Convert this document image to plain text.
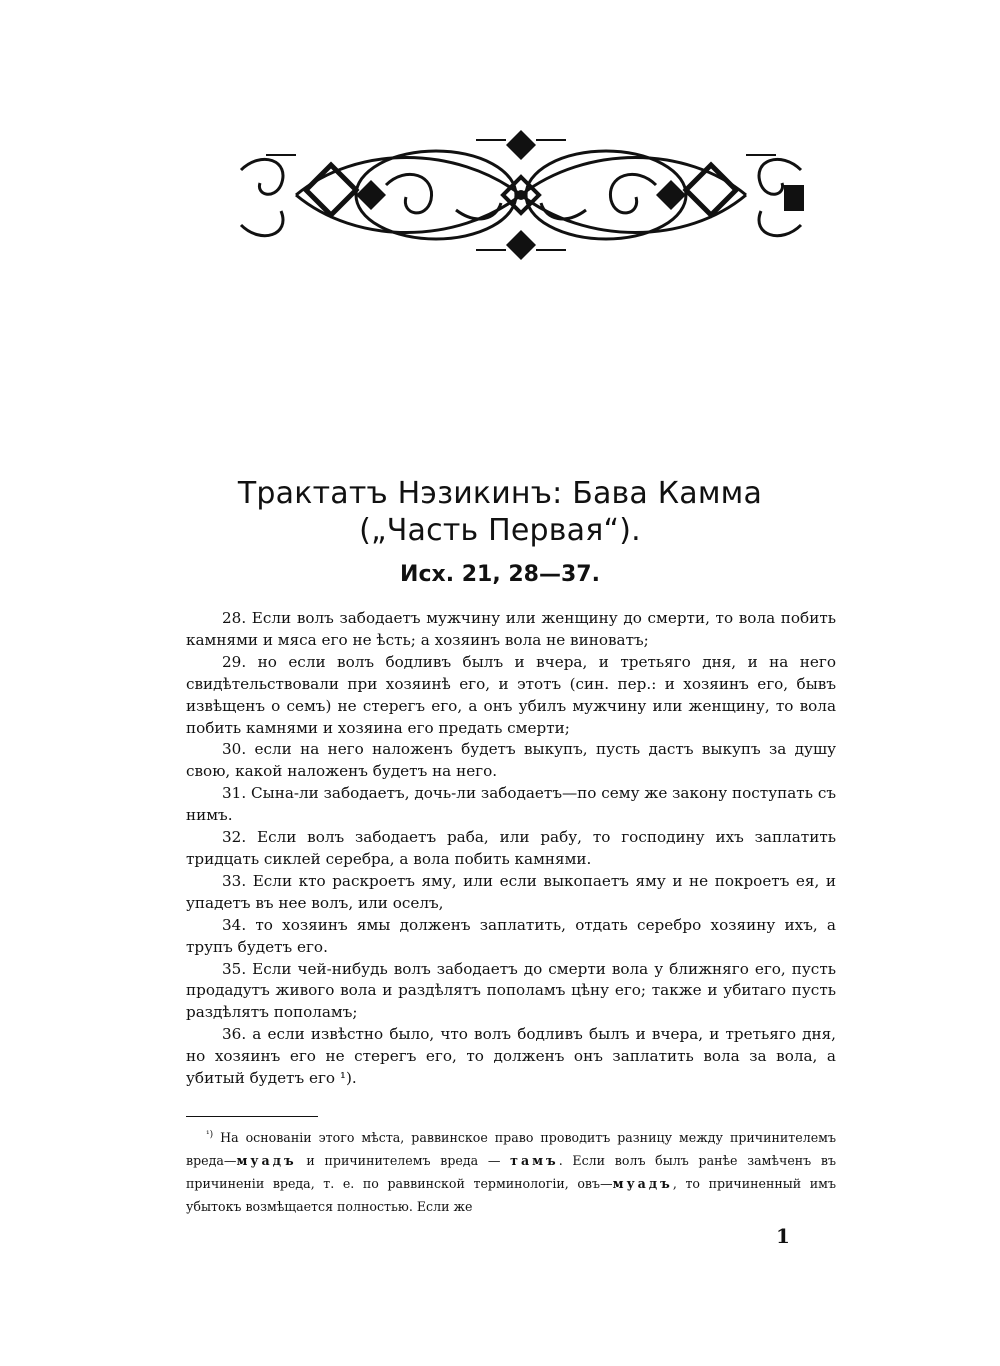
Трактатъ Нэзикинъ: Бава Камма
(„Часть Первая“).
Исх. 21, 28—37.

28. Если волъ забодаетъ мужчину или женщину до смерти, то вола побить камнями и мяса его не ѣсть; а хозяинъ вола не виноватъ;

29. но если волъ бодливъ былъ и вчера, и третьяго дня, и на него свидѣтельствовали при хозяинѣ его, и этотъ (син. пер.: и хозяинъ его, бывъ извѣщенъ о семъ) не стерегъ его, а онъ убилъ мужчину или женщину, то вола побить камнями и хозяина его предать смерти;

30. если на него наложенъ будетъ выкупъ, пусть дастъ выкупъ за душу свою, какой наложенъ будетъ на него.

31. Сына-ли забодаетъ, дочь-ли забодаетъ—по сему же закону поступать съ нимъ.

32. Если волъ забодаетъ раба, или рабу, то господину ихъ заплатить тридцать сиклей серебра, а вола побить камнями.

33. Если кто раскроетъ яму, или если выкопаетъ яму и не покроетъ ея, и упадетъ въ нее волъ, или оселъ,

34. то хозяинъ ямы долженъ заплатить, отдать серебро хозяину ихъ, а трупъ будетъ его.

35. Если чей-нибудь волъ забодаетъ до смерти вола у ближняго его, пусть продадутъ живого вола и раздѣлятъ пополамъ цѣну его; также и убитаго пусть раздѣлятъ пополамъ;

36. а если извѣстно было, что волъ бодливъ былъ и вчера, и третьяго дня, но хозяинъ его не стерегъ его, то долженъ онъ заплатить вола за вола, а убитый будетъ его ¹).

$^{^1)}$ На основаніи этого мѣста, раввинское право проводитъ разницу между причинителемъ вреда—муадъ и причинителемъ вреда — тамъ. Если волъ былъ ранѣе замѣченъ въ причиненіи вреда, т. е. по раввинской терминологіи, овъ—муадъ, то причиненный имъ убытокъ возмѣщается полностью. Если же

1
